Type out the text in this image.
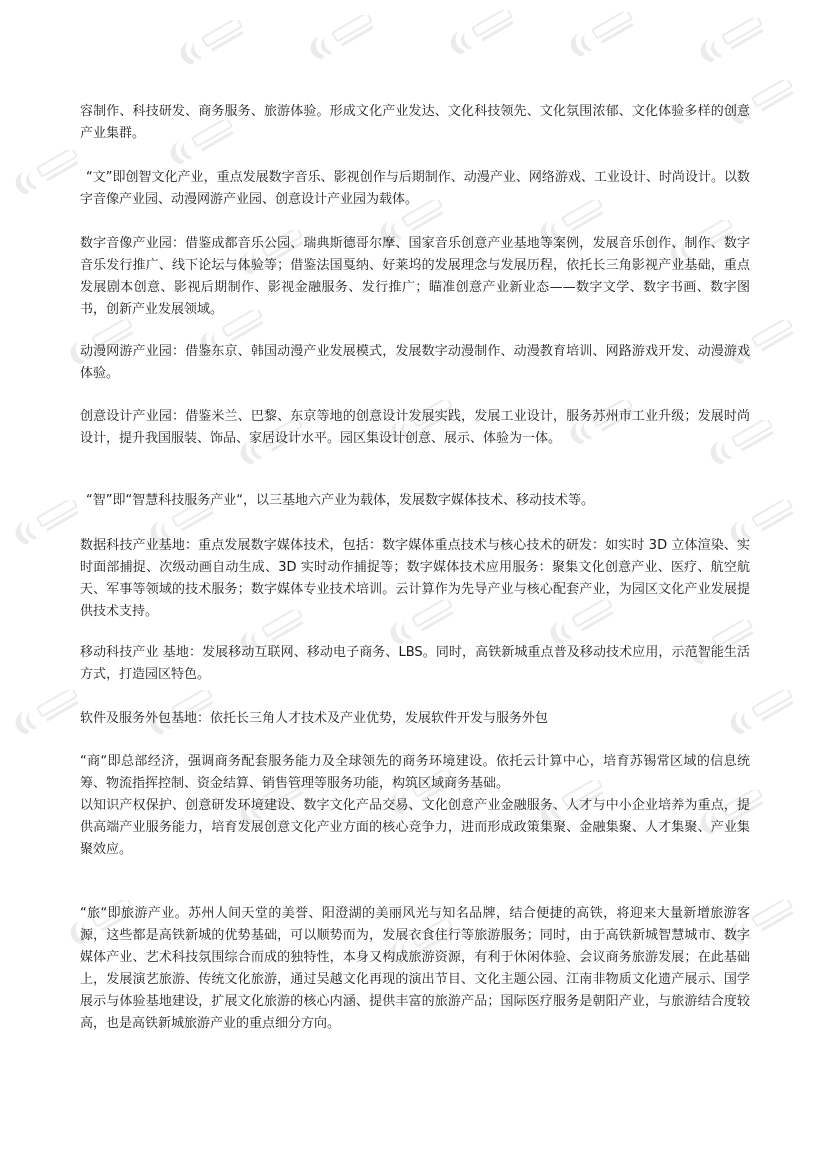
容制作、科技研发、商务服务、旅游体验。形成文化产业发达、文化科技领先、文化氛围浓郁、文化体验多样的创意产业集群。

“文”即创智文化产业，重点发展数字音乐、影视创作与后期制作、动漫产业、网络游戏、工业设计、时尚设计。以数字音像产业园、动漫网游产业园、创意设计产业园为载体。

数字音像产业园：借鉴成都音乐公园、瑞典斯德哥尔摩、国家音乐创意产业基地等案例，发展音乐创作、制作、数字音乐发行推广、线下论坛与体验等；借鉴法国戛纳、好莱坞的发展理念与发展历程，依托长三角影视产业基础，重点发展剧本创意、影视后期制作、影视金融服务、发行推广；瞄准创意产业新业态——数字文学、数字书画、数字图书，创新产业发展领域。

动漫网游产业园：借鉴东京、韩国动漫产业发展模式，发展数字动漫制作、动漫教育培训、网路游戏开发、动漫游戏体验。

创意设计产业园：借鉴米兰、巴黎、东京等地的创意设计发展实践，发展工业设计，服务苏州市工业升级；发展时尚设计，提升我国服装、饰品、家居设计水平。园区集设计创意、展示、体验为一体。

“智”即“智慧科技服务产业“，以三基地六产业为载体，发展数字媒体技术、移动技术等。

数据科技产业基地：重点发展数字媒体技术，包括：数字媒体重点技术与核心技术的研发：如实时 3D 立体渲染、实时面部捕捉、次级动画自动生成、3D 实时动作捕捉等；数字媒体技术应用服务：聚集文化创意产业、医疗、航空航天、军事等领域的技术服务；数字媒体专业技术培训。云计算作为先导产业与核心配套产业，为园区文化产业发展提供技术支持。

移动科技产业 基地：发展移动互联网、移动电子商务、LBS。同时，高铁新城重点普及移动技术应用，示范智能生活方式，打造园区特色。

软件及服务外包基地：依托长三角人才技术及产业优势，发展软件开发与服务外包

“商“即总部经济，强调商务配套服务能力及全球领先的商务环境建设。依托云计算中心，培育苏锡常区域的信息统筹、物流指挥控制、资金结算、销售管理等服务功能，构筑区域商务基础。

以知识产权保护、创意研发环境建设、数字文化产品交易、文化创意产业金融服务、人才与中小企业培养为重点，提供高端产业服务能力，培育发展创意文化产业方面的核心竞争力，进而形成政策集聚、金融集聚、人才集聚、产业集聚效应。

“旅“即旅游产业。苏州人间天堂的美誉、阳澄湖的美丽风光与知名品牌，结合便捷的高铁，将迎来大量新增旅游客源，这些都是高铁新城的优势基础，可以顺势而为，发展衣食住行等旅游服务；同时，由于高铁新城智慧城市、数字媒体产业、艺术科技氛围综合而成的独特性，本身又构成旅游资源，有利于休闲体验、会议商务旅游发展；在此基础上，发展演艺旅游、传统文化旅游，通过吴越文化再现的演出节目、文化主题公园、江南非物质文化遗产展示、国学展示与体验基地建设，扩展文化旅游的核心内涵、提供丰富的旅游产品；国际医疗服务是朝阳产业，与旅游结合度较高，也是高铁新城旅游产业的重点细分方向。
